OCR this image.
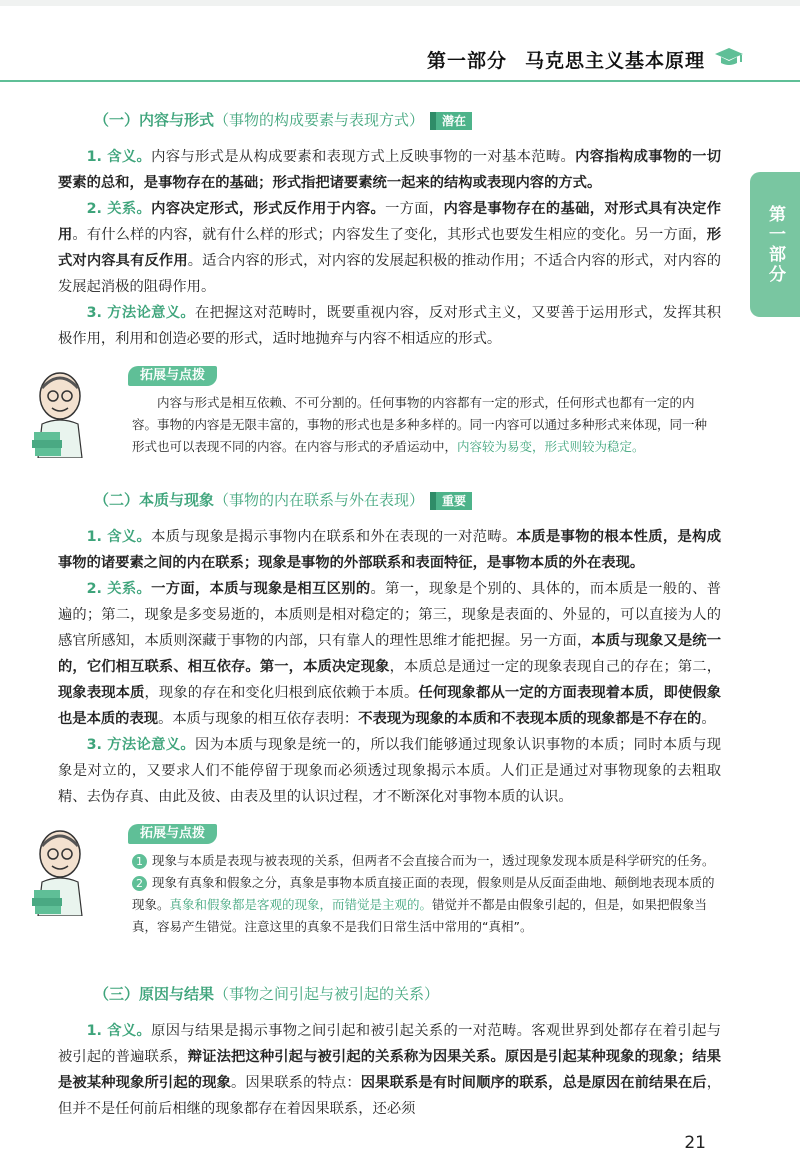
第一部分 马克思主义基本原理
第一部分
（一）内容与形式（事物的构成要素与表现方式） 潜在

1. 含义。内容与形式是从构成要素和表现方式上反映事物的一对基本范畴。内容指构成事物的一切要素的总和，是事物存在的基础；形式指把诸要素统一起来的结构或表现内容的方式。

2. 关系。内容决定形式，形式反作用于内容。一方面，内容是事物存在的基础，对形式具有决定作用。有什么样的内容，就有什么样的形式；内容发生了变化，其形式也要发生相应的变化。另一方面，形式对内容具有反作用。适合内容的形式，对内容的发展起积极的推动作用；不适合内容的形式，对内容的发展起消极的阻碍作用。

3. 方法论意义。在把握这对范畴时，既要重视内容，反对形式主义，又要善于运用形式，发挥其积极作用，利用和创造必要的形式，适时地抛弃与内容不相适应的形式。

拓展与点拨
内容与形式是相互依赖、不可分割的。任何事物的内容都有一定的形式，任何形式也都有一定的内容。事物的内容是无限丰富的，事物的形式也是多种多样的。同一内容可以通过多种形式来体现，同一种形式也可以表现不同的内容。在内容与形式的矛盾运动中，内容较为易变，形式则较为稳定。
（二）本质与现象（事物的内在联系与外在表现） 重要

1. 含义。本质与现象是揭示事物内在联系和外在表现的一对范畴。本质是事物的根本性质，是构成事物的诸要素之间的内在联系；现象是事物的外部联系和表面特征，是事物本质的外在表现。

2. 关系。一方面，本质与现象是相互区别的。第一，现象是个别的、具体的，而本质是一般的、普遍的；第二，现象是多变易逝的，本质则是相对稳定的；第三，现象是表面的、外显的，可以直接为人的感官所感知，本质则深藏于事物的内部，只有靠人的理性思维才能把握。另一方面，本质与现象又是统一的，它们相互联系、相互依存。第一，本质决定现象，本质总是通过一定的现象表现自己的存在；第二，现象表现本质，现象的存在和变化归根到底依赖于本质。任何现象都从一定的方面表现着本质，即使假象也是本质的表现。本质与现象的相互依存表明：不表现为现象的本质和不表现本质的现象都是不存在的。

3. 方法论意义。因为本质与现象是统一的，所以我们能够通过现象认识事物的本质；同时本质与现象是对立的，又要求人们不能停留于现象而必须透过现象揭示本质。人们正是通过对事物现象的去粗取精、去伪存真、由此及彼、由表及里的认识过程，才不断深化对事物本质的认识。

拓展与点拨
1 现象与本质是表现与被表现的关系，但两者不会直接合而为一，透过现象发现本质是科学研究的任务。
2 现象有真象和假象之分，真象是事物本质直接正面的表现，假象则是从反面歪曲地、颠倒地表现本质的现象。真象和假象都是客观的现象，而错觉是主观的。错觉并不都是由假象引起的，但是，如果把假象当真，容易产生错觉。注意这里的真象不是我们日常生活中常用的“真相”。
（三）原因与结果（事物之间引起与被引起的关系）

1. 含义。原因与结果是揭示事物之间引起和被引起关系的一对范畴。客观世界到处都存在着引起与被引起的普遍联系，辩证法把这种引起与被引起的关系称为因果关系。原因是引起某种现象的现象；结果是被某种现象所引起的现象。因果联系的特点：因果联系是有时间顺序的联系，总是原因在前结果在后，但并不是任何前后相继的现象都存在着因果联系，还必须

21
